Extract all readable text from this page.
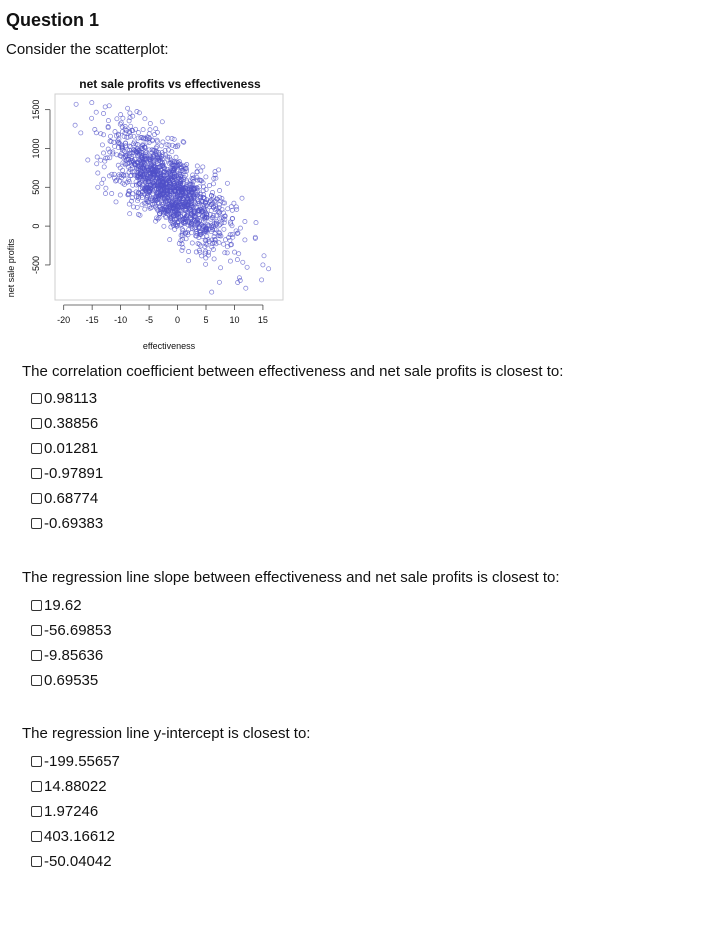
Question 1
Consider the scatterplot:
net sale profits vs effectiveness
-20 -15 -10 -5 0	5 10 15
-500
0
500
1000
1500
effectiveness
net sale profits
The correlation coefficient between effectiveness and net sale profits is closest to:
0.98113
0.38856
0.01281
-0.97891
0.68774
-0.69383
The regression line slope between effectiveness and net sale profits is closest to:
19.62
-56.69853
-9.85636
0.69535
The regression line y-intercept is closest to:
-199.55657
14.88022
1.97246
403.16612
-50.04042
